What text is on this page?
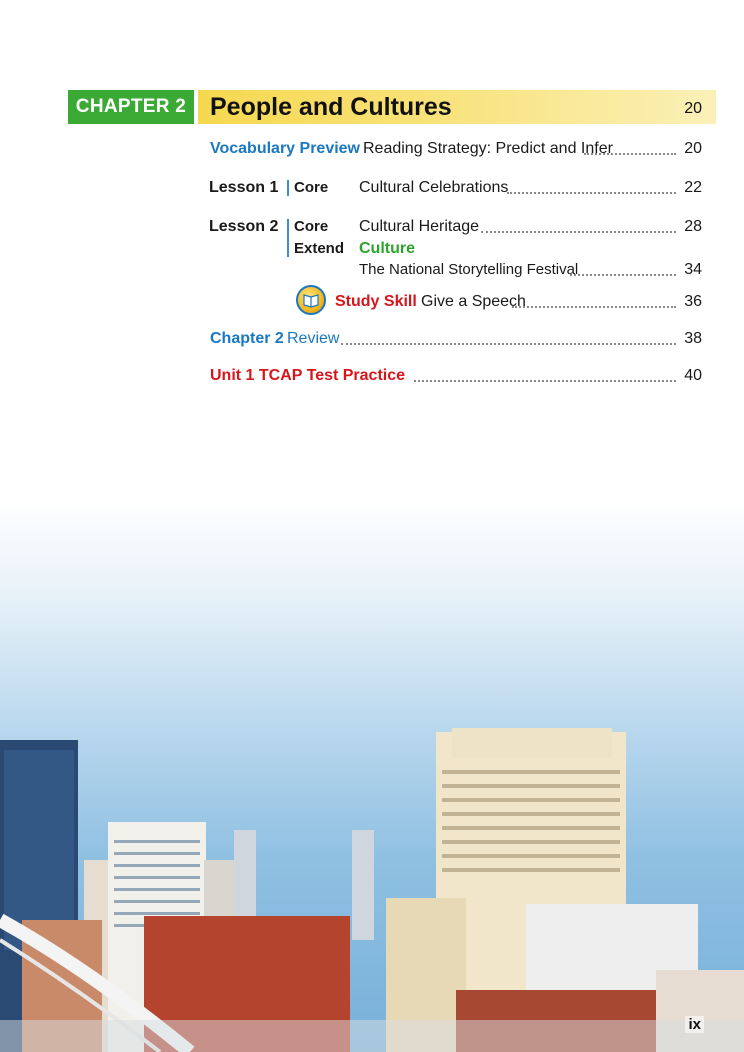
CHAPTER 2 People and Cultures	20
Vocabulary Preview Reading Strategy: Predict and Infer	20
Lesson 1 Core Cultural Celebrations	22
Lesson 2 Core Cultural Heritage	28
Extend Culture
The National Storytelling Festival	34
Study Skill Give a Speech	36
Chapter 2 Review	38
Unit 1 TCAP Test Practice	40
ix
